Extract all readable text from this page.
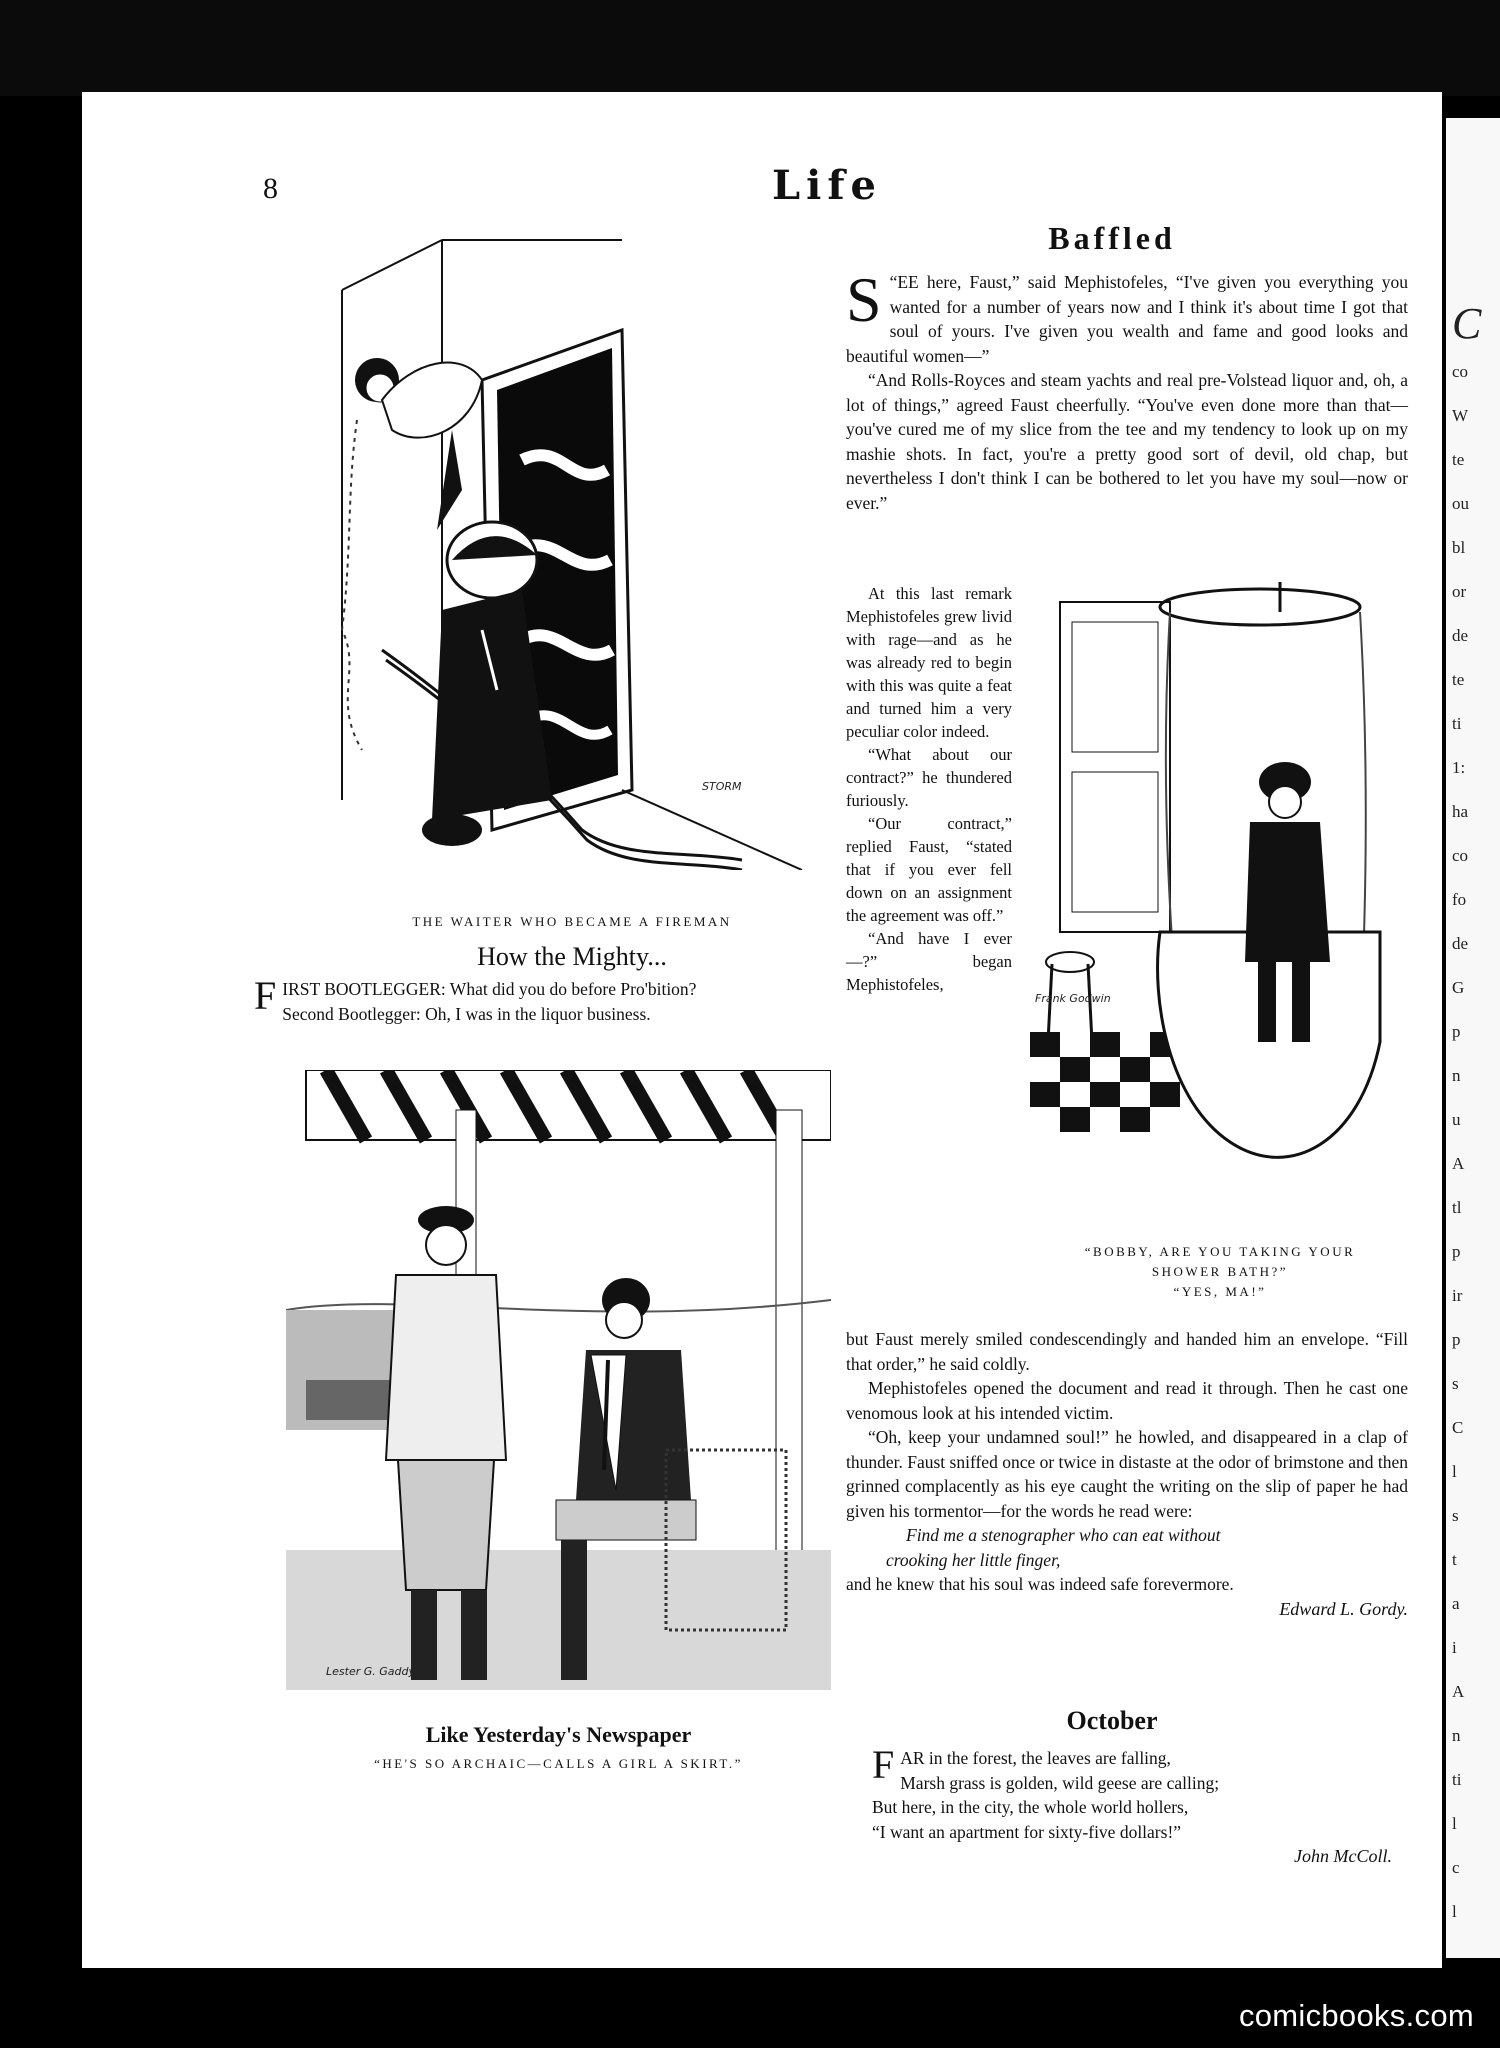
8	Life
STORM
THE WAITER WHO BECAME A FIREMAN
How the Mighty...
F IRST BOOTLEGGER: What did you do before Pro'bition?
Second Bootlegger: Oh, I was in the liquor business.
Lester G. Gaddy
Like Yesterday's Newspaper
“HE'S SO ARCHAIC—CALLS A GIRL A SKIRT.”
Baffled
S “EE here, Faust,” said Mephistofeles, “I've given you everything you wanted for a number of years now and I think it's about time I got that soul of yours. I've given you wealth and fame and good looks and beautiful women—”

“And Rolls-Royces and steam yachts and real pre-Volstead liquor and, oh, a lot of things,” agreed Faust cheerfully. “You've even done more than that—you've cured me of my slice from the tee and my tendency to look up on my mashie shots. In fact, you're a pretty good sort of devil, old chap, but nevertheless I don't think I can be bothered to let you have my soul—now or ever.”

At this last remark Mephistofeles grew livid with rage—and as he was already red to begin with this was quite a feat and turned him a very peculiar color indeed.

“What about our contract?” he thundered furiously.

“Our contract,” replied Faust, “stated that if you ever fell down on an assignment the agreement was off.”

“And have I ever—?” began Mephistofeles,

Frank Godwin
“BOBBY, ARE YOU TAKING YOUR
SHOWER BATH?”
“YES, MA!”
but Faust merely smiled condescendingly and handed him an envelope. “Fill that order,” he said coldly.

Mephistofeles opened the document and read it through. Then he cast one venomous look at his intended victim.

“Oh, keep your undamned soul!” he howled, and disappeared in a clap of thunder. Faust sniffed once or twice in distaste at the odor of brimstone and then grinned complacently as his eye caught the writing on the slip of paper he had given his tormentor—for the words he read were:

Find me a stenographer who can eat without
crooking her little finger,
and he knew that his soul was indeed safe forevermore.
Edward L. Gordy.
October
F AR in the forest, the leaves are falling,
Marsh grass is golden, wild geese are calling;
But here, in the city, the whole world hollers,
“I want an apartment for sixty-five dollars!”
John McColl.
C
co
W
te
ou
bl
or
de
te
ti
1:
ha
co
fo
de
G
p
n
u
A
tl
p
ir
p
s
C
l
s
t
a
i
A
n
ti
l
c
l
comicbooks.com
